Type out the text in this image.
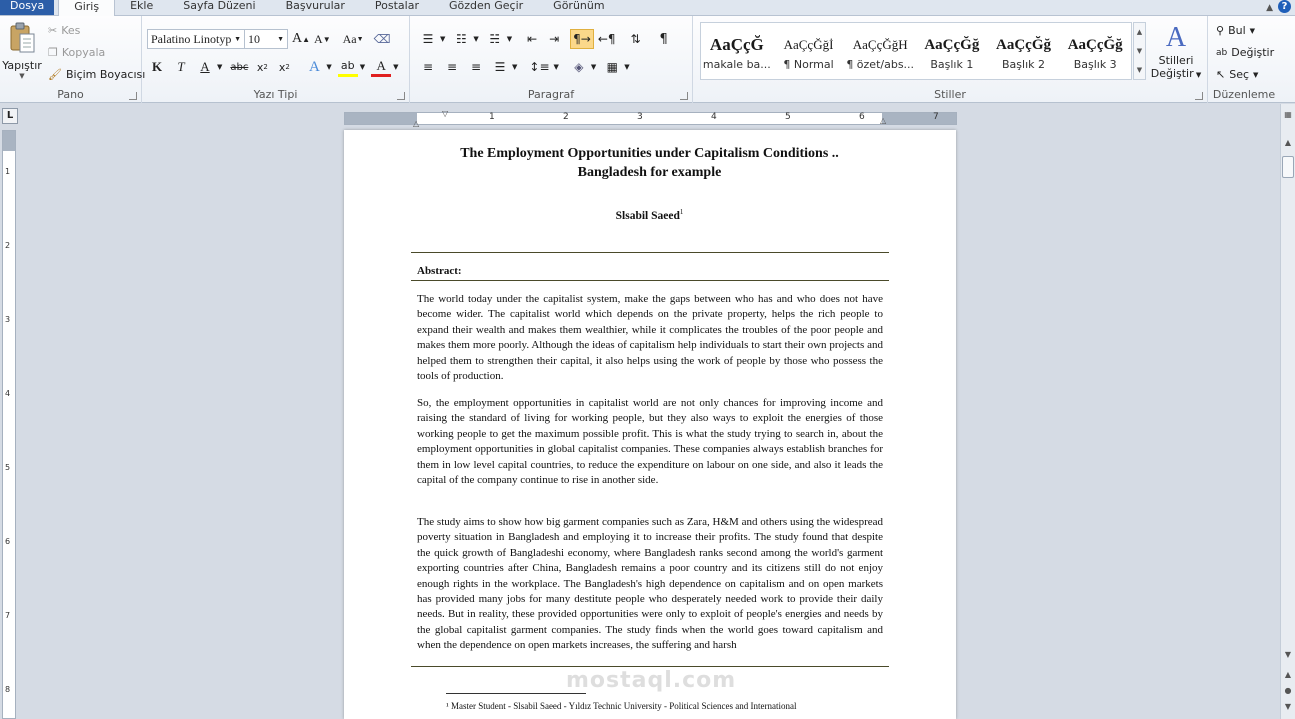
Dosya	Giriş	Ekle	Sayfa Düzeni	Başvurular	Postalar	Gözden Geçir	Görünüm	▲ ?
Yapıştır
▼
✂ Kes
❐ Kopyala
🖌 Biçim Boyacısı
Pano
Palatino Linotyp ▼ 10 ▼ A ▲ A ▼ Aa ▼ ⌫
K	T	A	▼ abc x 2	x 2	A ▼ ab ▼ A	▼
Yazı Tipi
☰ ▼ ☷ ▼ ☵ ▼	⇤ ⇥	¶→ ←¶	⇅	¶
≡	≡	≡	☰ ▼ ↕≡ ▼	◈	▼ ▦ ▼
Paragraf	Stiller
AaÇçĞ
makale ba...
AaÇçĞğİ
¶ Normal
AaÇçĞğH
¶ özet/abs...
AaÇçĞğ
Başlık 1
AaÇçĞğ
Başlık 2
AaÇçĞğ
Başlık 3
▲
▼
▼
A
Stilleri
Değiştir ▼
⚲ Bul ▼
ab Değiştir
↖ Seç ▼
Düzenleme
L	1	2	3	4	5	6	7
▽
△	△
1
2
3
4
5
6
7
8
▦
▲
▼
▲
●
▼
The Employment Opportunities under Capitalism Conditions ..
Bangladesh for example
Slsabil Saeed$^1$
Abstract:
The world today under the capitalist system, make the gaps between who has and who does not have become wider. The capitalist world which depends on the private property, helps the rich people to expand their wealth and makes them wealthier, while it complicates the troubles of the poor people and makes them more poorly. Although the ideas of capitalism help individuals to start their own projects and helped them to strengthen their capital, it also helps using the work of people by those who possess the tools of production.
So, the employment opportunities in capitalist world are not only chances for improving income and raising the standard of living for working people, but they also ways to exploit the energies of those working people to get the maximum possible profit. This is what the study trying to search in, about the employment opportunities in global capitalist companies. These companies always establish branches for them in low level capital countries, to reduce the expenditure on labour on one side, and also it leads the capital of the company continue to rise in another side.
The study aims to show how big garment companies such as Zara, H&M and others using the widespread poverty situation in Bangladesh and employing it to increase their profits. The study found that despite the quick growth of Bangladeshi economy, where Bangladesh ranks second among the world's garment exporting countries after China, Bangladesh remains a poor country and its citizens still do not enjoy enough rights in the workplace. The Bangladesh's high dependence on capitalism and on open markets has provided many jobs for many destitute people who desperately needed work to provide their daily needs. But in reality, these provided opportunities were only to exploit of people's energies and needs by the global capitalist garment companies. The study finds when the world goes toward capitalism and when the dependence on open markets increases, the suffering and harsh
mostaql.com
¹ Master Student - Slsabil Saeed - Yıldız Technic University - Political Sciences and International
